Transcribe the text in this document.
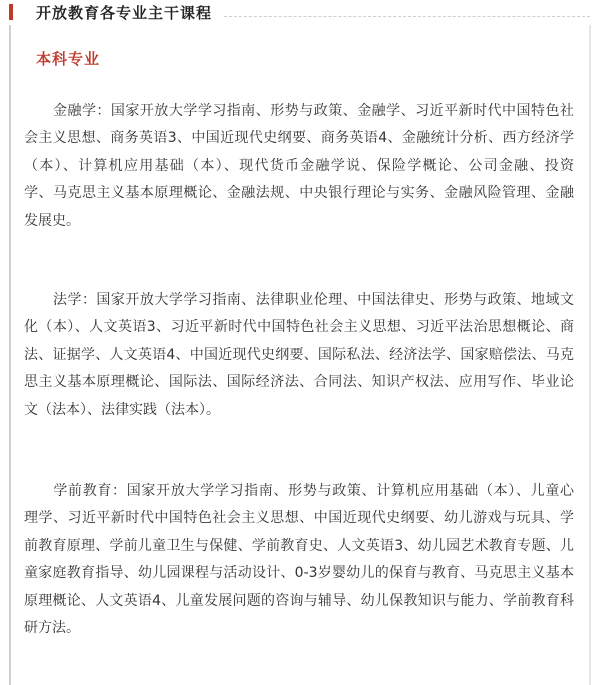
开放教育各专业主干课程
本科专业
　　金融学：国家开放大学学习指南、形势与政策、金融学、习近平新时代中国特色社
会主义思想、商务英语3、中国近现代史纲要、商务英语4、金融统计分析、西方经济学
（本）、计算机应用基础（本）、现代货币金融学说、保险学概论、公司金融、投资
学、马克思主义基本原理概论、金融法规、中央银行理论与实务、金融风险管理、金融
发展史。
　　法学：国家开放大学学习指南、法律职业伦理、中国法律史、形势与政策、地域文
化（本）、人文英语3、习近平新时代中国特色社会主义思想、习近平法治思想概论、商
法、证据学、人文英语4、中国近现代史纲要、国际私法、经济法学、国家赔偿法、马克
思主义基本原理概论、国际法、国际经济法、合同法、知识产权法、应用写作、毕业论
文（法本）、法律实践（法本）。
　　学前教育：国家开放大学学习指南、形势与政策、计算机应用基础（本）、儿童心
理学、习近平新时代中国特色社会主义思想、中国近现代史纲要、幼儿游戏与玩具、学
前教育原理、学前儿童卫生与保健、学前教育史、人文英语3、幼儿园艺术教育专题、儿
童家庭教育指导、幼儿园课程与活动设计、0-3岁婴幼儿的保育与教育、马克思主义基本
原理概论、人文英语4、儿童发展问题的咨询与辅导、幼儿保教知识与能力、学前教育科
研方法。
